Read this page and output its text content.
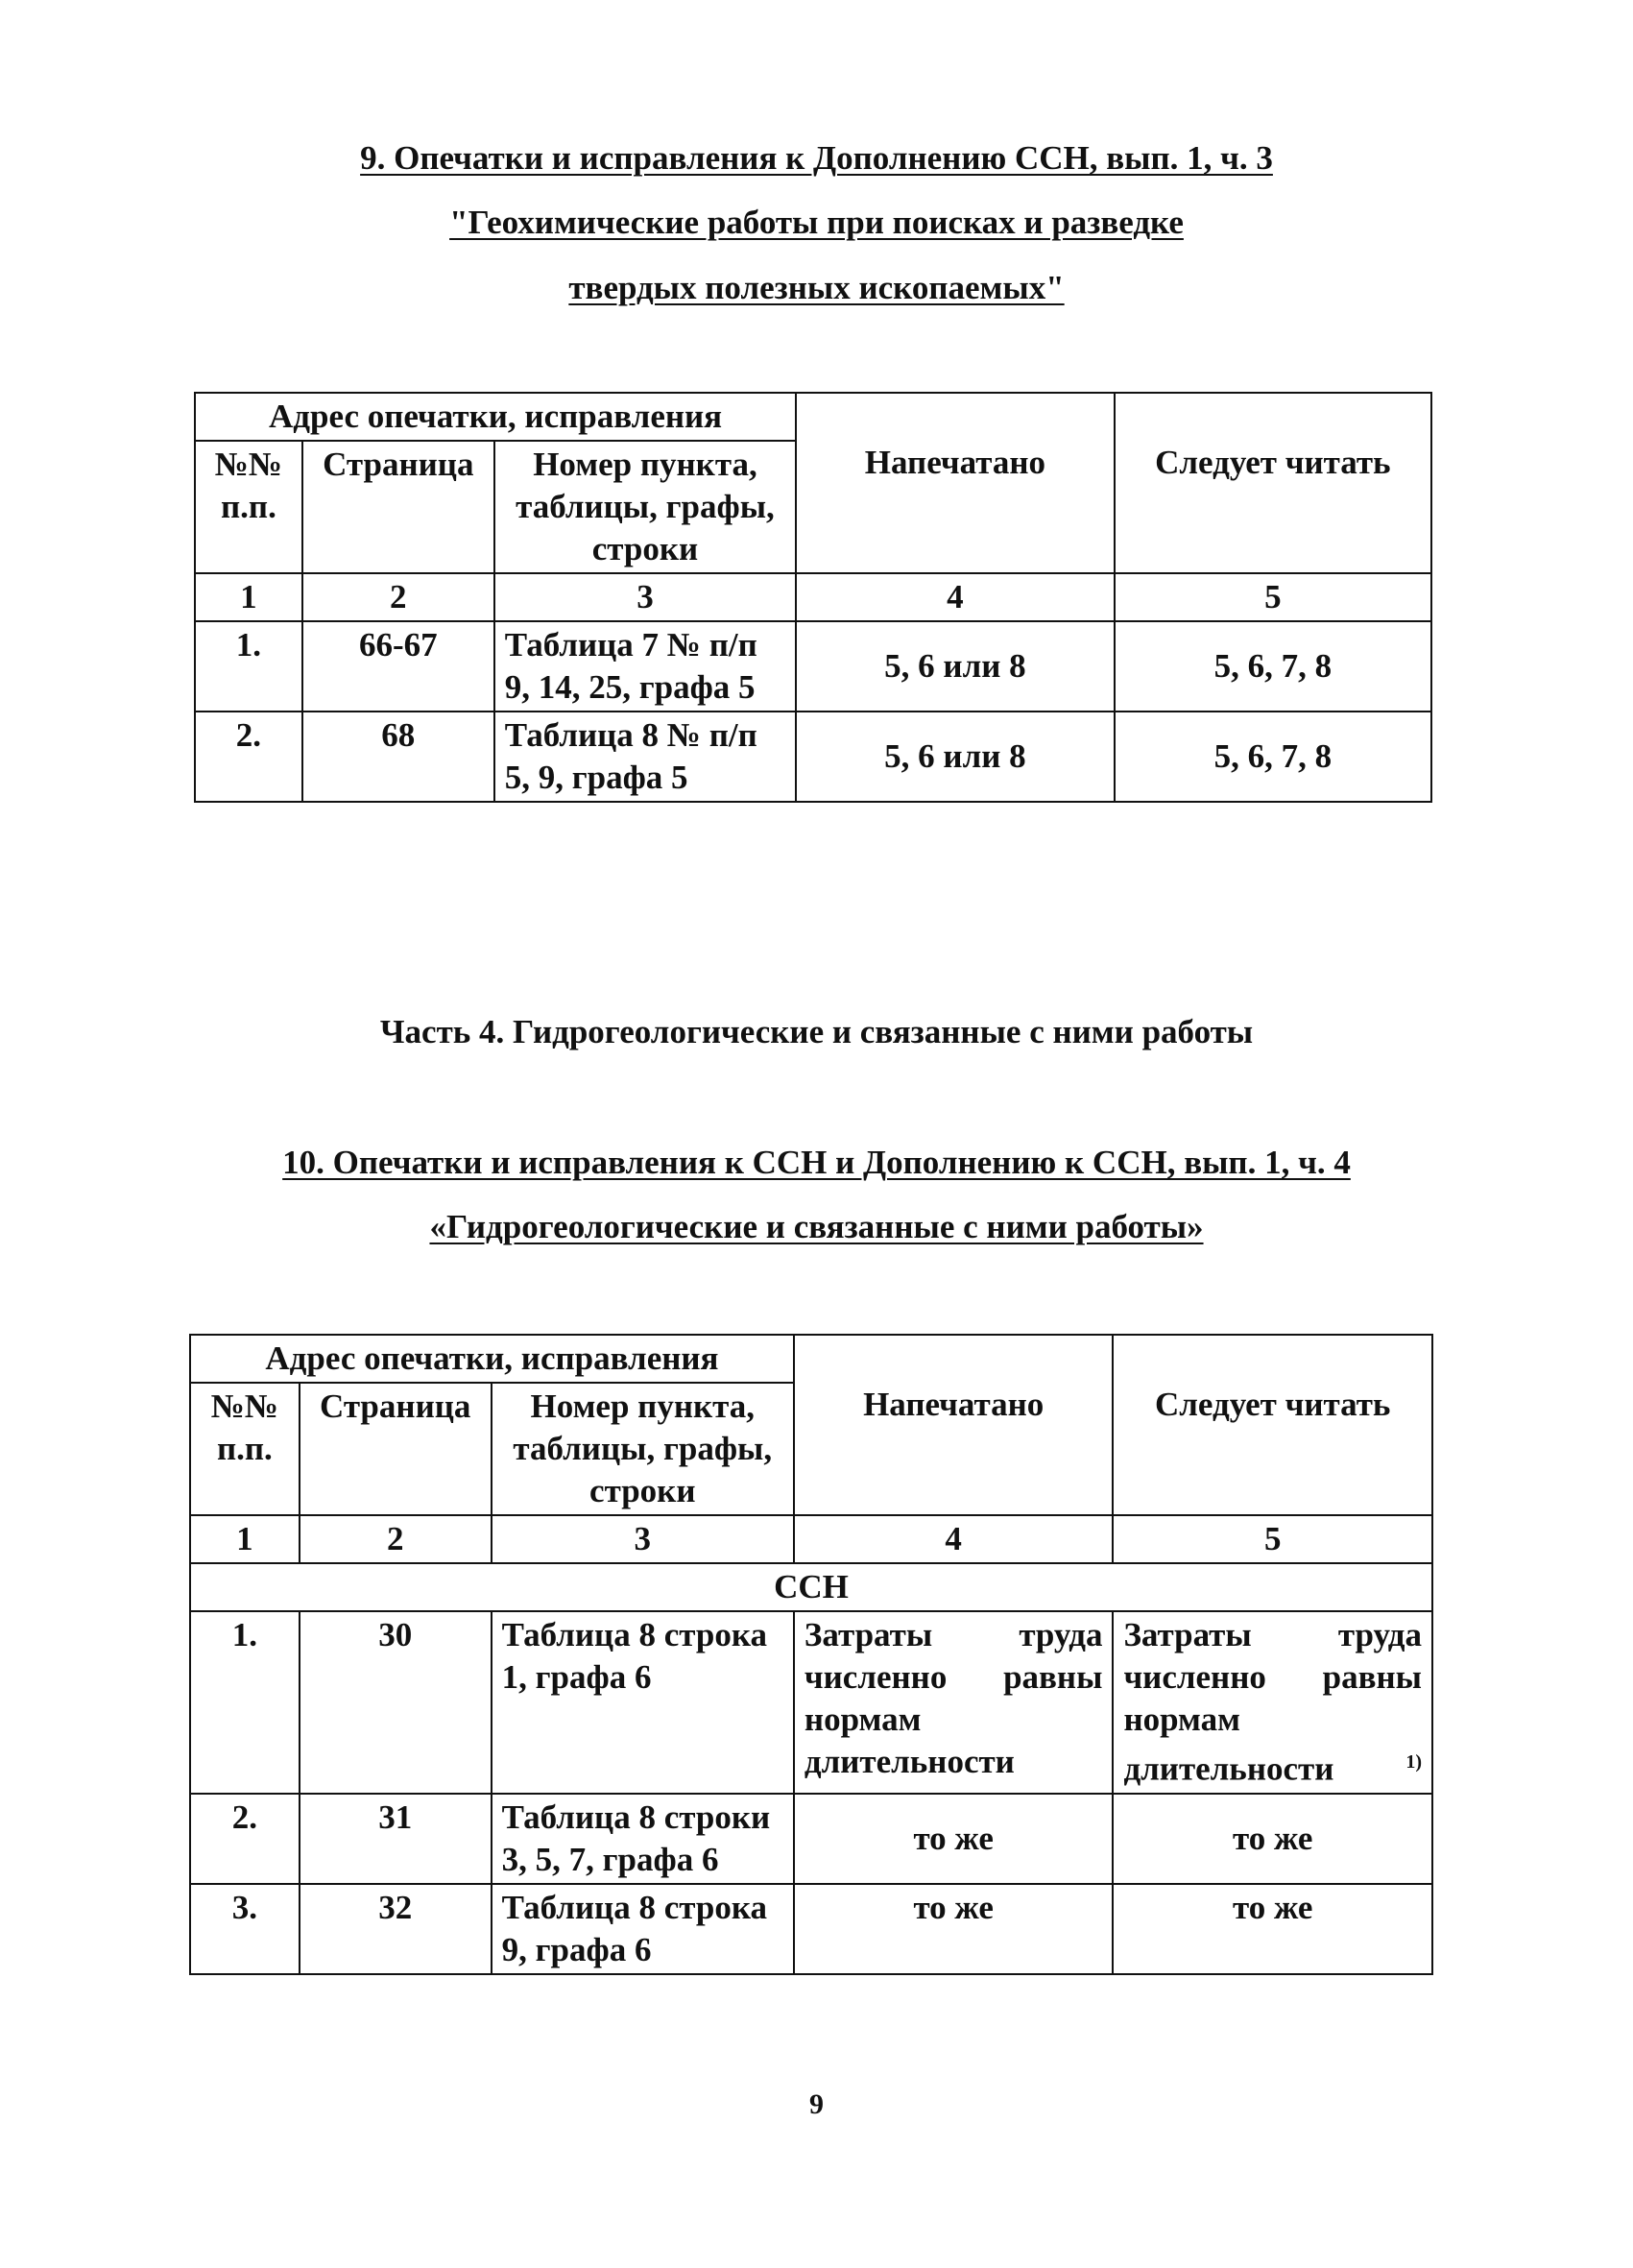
9. Опечатки и исправления к Дополнению ССН, вып. 1, ч. 3
"Геохимические работы при поисках и разведке
твердых полезных ископаемых"
Адрес опечатки, исправления			Напечатано	Следует читать
№№ п.п.	Страница	Номер пункта, таблицы, графы, строки		
1	2	3	4	5
1.	66-67	Таблица 7 № п/п 9, 14, 25, графа 5	5, 6 или 8	5, 6, 7, 8
2.	68	Таблица 8 № п/п 5, 9, графа 5	5, 6 или 8	5, 6, 7, 8
Часть 4. Гидрогеологические и связанные с ними работы
10. Опечатки и исправления к ССН и Дополнению к ССН, вып. 1, ч. 4
«Гидрогеологические и связанные с ними работы»
Адрес опечатки, исправления			Напечатано	Следует читать
№№ п.п.	Страница	Номер пункта, таблицы, графы, строки		
1	2	3	4	5
ССН				
1.	30	Таблица 8 строка 1, графа 6	Затраты труда численно равны нормам длительности	Затраты труда численно равны нормам длительности $^{1)}$
2.	31	Таблица 8 строки 3, 5, 7, графа 6	то же	то же
3.	32	Таблица 8 строка 9, графа 6	то же	то же
9
